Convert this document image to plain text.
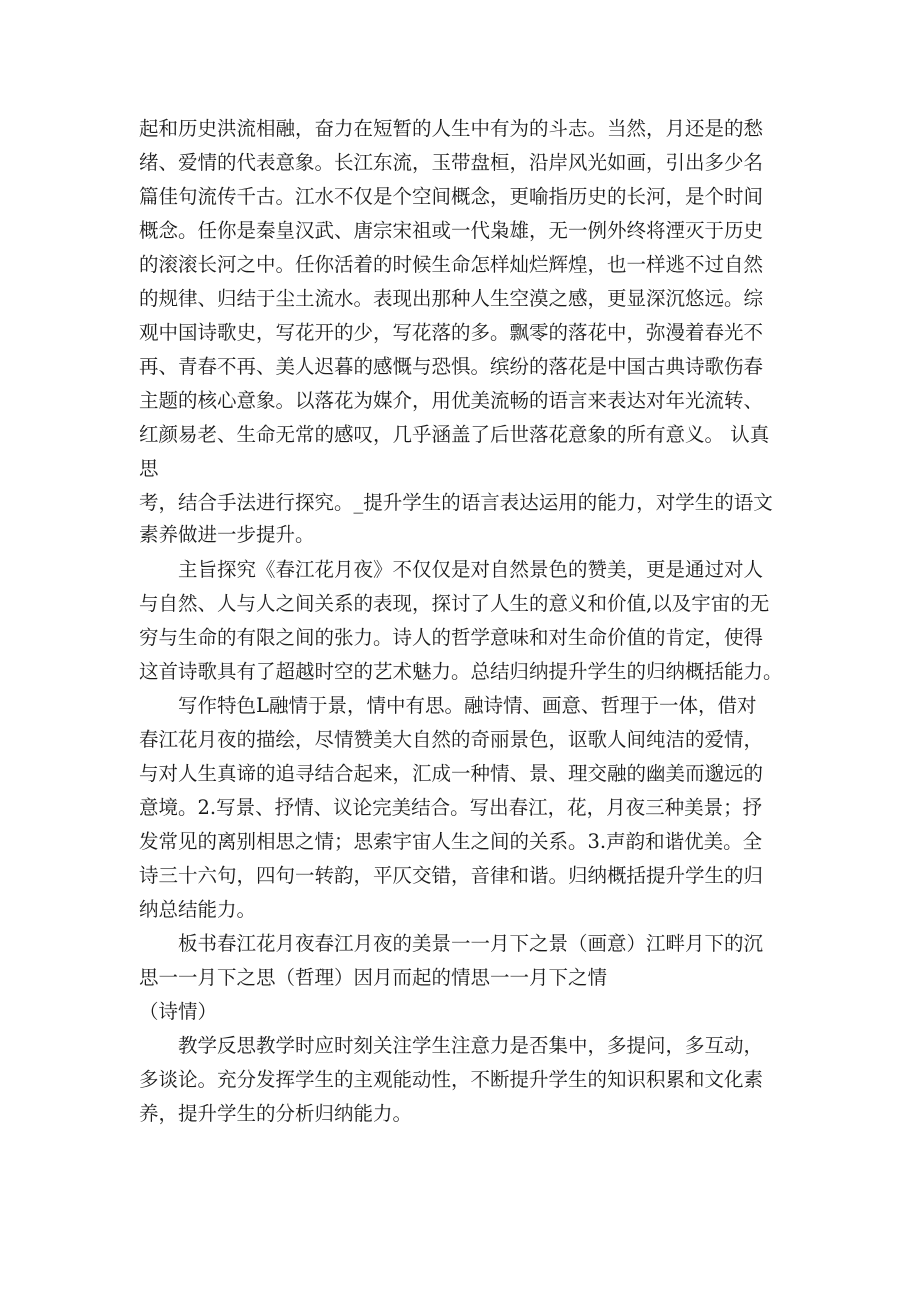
起和历史洪流相融，奋力在短暂的人生中有为的斗志。当然，月还是的愁
绪、爱情的代表意象。长江东流，玉带盘桓，沿岸风光如画，引出多少名
篇佳句流传千古。江水不仅是个空间概念，更喻指历史的长河，是个时间
概念。任你是秦皇汉武、唐宗宋祖或一代枭雄，无一例外终将湮灭于历史
的滚滚长河之中。任你活着的时候生命怎样灿烂辉煌，也一样逃不过自然
的规律、归结于尘土流水。表现出那种人生空漠之感，更显深沉悠远。综
观中国诗歌史，写花开的少，写花落的多。飘零的落花中，弥漫着春光不
再、青春不再、美人迟暮的感慨与恐惧。缤纷的落花是中国古典诗歌伤春
主题的核心意象。以落花为媒介，用优美流畅的语言来表达对年光流转、
红颜易老、生命无常的感叹，几乎涵盖了后世落花意象的所有意义。 认真
思
考，结合手法进行探究。_提升学生的语言表达运用的能力，对学生的语文
素养做进一步提升。
主旨探究《春江花月夜》不仅仅是对自然景色的赞美，更是通过对人
与自然、人与人之间关系的表现，探讨了人生的意义和价值,以及宇宙的无
穷与生命的有限之间的张力。诗人的哲学意味和对生命价值的肯定，使得
这首诗歌具有了超越时空的艺术魅力。总结归纳提升学生的归纳概括能力。
写作特色L融情于景，情中有思。融诗情、画意、哲理于一体，借对
春江花月夜的描绘，尽情赞美大自然的奇丽景色，讴歌人间纯洁的爱情，
与对人生真谛的追寻结合起来，汇成一种情、景、理交融的幽美而邈远的
意境。2.写景、抒情、议论完美结合。写出春江，花，月夜三种美景；抒
发常见的离别相思之情；思索宇宙人生之间的关系。3.声韵和谐优美。全
诗三十六句，四句一转韵，平仄交错，音律和谐。归纳概括提升学生的归
纳总结能力。
板书春江花月夜春江月夜的美景一一月下之景（画意）江畔月下的沉
思一一月下之思（哲理）因月而起的情思一一月下之情
（诗情）
教学反思教学时应时刻关注学生注意力是否集中，多提问，多互动，
多谈论。充分发挥学生的主观能动性，不断提升学生的知识积累和文化素
养，提升学生的分析归纳能力。
